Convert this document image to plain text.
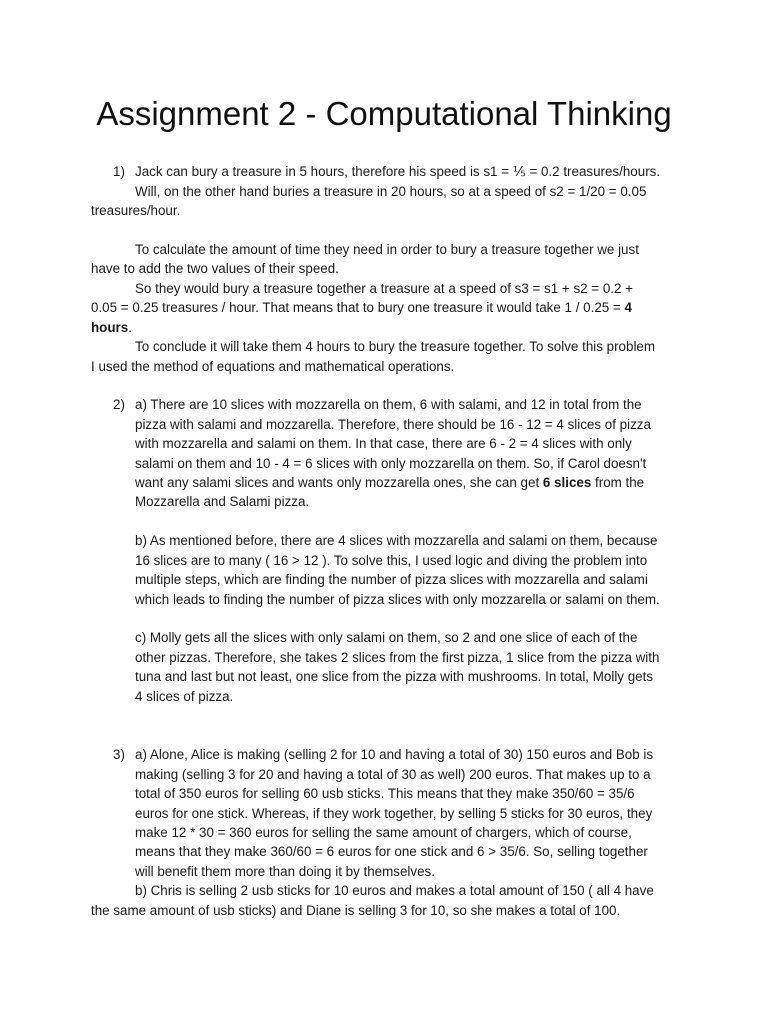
Assignment 2 - Computational Thinking
1) Jack can bury a treasure in 5 hours, therefore his speed is s1 = ⅕ = 0.2 treasures/hours.

Will, on the other hand buries a treasure in 20 hours, so at a speed of s2 = 1/20 = 0.05

treasures/hour.

To calculate the amount of time they need in order to bury a treasure together we just

have to add the two values of their speed.

So they would bury a treasure together a treasure at a speed of s3 = s1 + s2 = 0.2 +

0.05 = 0.25 treasures / hour. That means that to bury one treasure it would take 1 / 0.25 = 4

hours.

To conclude it will take them 4 hours to bury the treasure together. To solve this problem

I used the method of equations and mathematical operations.

2) a) There are 10 slices with mozzarella on them, 6 with salami, and 12 in total from the

pizza with salami and mozzarella. Therefore, there should be 16 - 12 = 4 slices of pizza

with mozzarella and salami on them. In that case, there are 6 - 2 = 4 slices with only

salami on them and 10 - 4 = 6 slices with only mozzarella on them. So, if Carol doesn't

want any salami slices and wants only mozzarella ones, she can get 6 slices from the

Mozzarella and Salami pizza.

b) As mentioned before, there are 4 slices with mozzarella and salami on them, because

16 slices are to many ( 16 > 12 ). To solve this, I used logic and diving the problem into

multiple steps, which are finding the number of pizza slices with mozzarella and salami

which leads to finding the number of pizza slices with only mozzarella or salami on them.

c) Molly gets all the slices with only salami on them, so 2 and one slice of each of the

other pizzas. Therefore, she takes 2 slices from the first pizza, 1 slice from the pizza with

tuna and last but not least, one slice from the pizza with mushrooms. In total, Molly gets

4 slices of pizza.

3) a) Alone, Alice is making (selling 2 for 10 and having a total of 30) 150 euros and Bob is

making (selling 3 for 20 and having a total of 30 as well) 200 euros. That makes up to a

total of 350 euros for selling 60 usb sticks. This means that they make 350/60 = 35/6

euros for one stick. Whereas, if they work together, by selling 5 sticks for 30 euros, they

make 12 * 30 = 360 euros for selling the same amount of chargers, which of course,

means that they make 360/60 = 6 euros for one stick and 6 > 35/6. So, selling together

will benefit them more than doing it by themselves.

b) Chris is selling 2 usb sticks for 10 euros and makes a total amount of 150 ( all 4 have

the same amount of usb sticks) and Diane is selling 3 for 10, so she makes a total of 100.
